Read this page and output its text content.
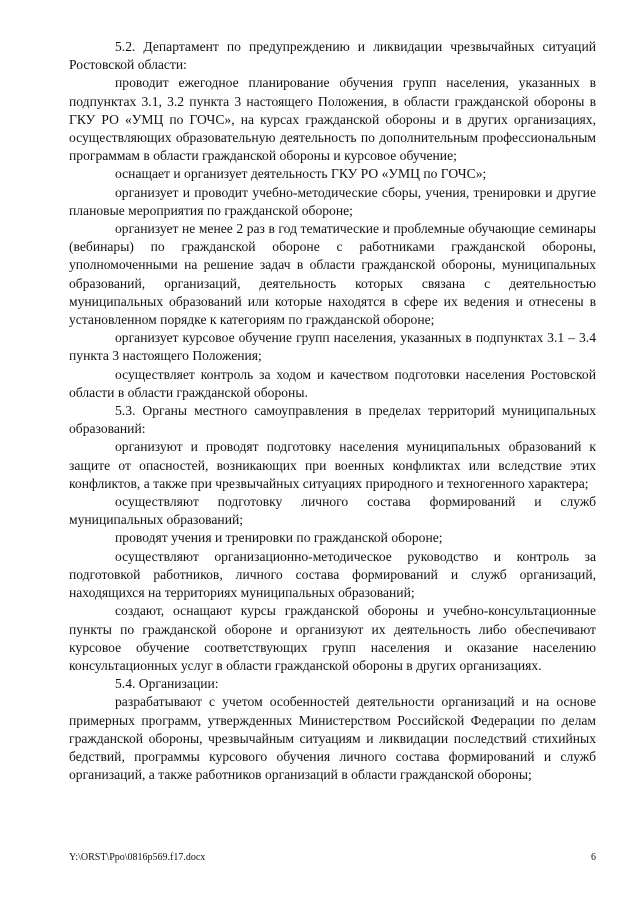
5.2. Департамент по предупреждению и ликвидации чрезвычайных ситуаций Ростовской области:

проводит ежегодное планирование обучения групп населения, указанных в подпунктах 3.1, 3.2 пункта 3 настоящего Положения, в области гражданской обороны в ГКУ РО «УМЦ по ГОЧС», на курсах гражданской обороны и в других организациях, осуществляющих образовательную деятельность по дополнительным профессиональным программам в области гражданской обороны и курсовое обучение;

оснащает и организует деятельность ГКУ РО «УМЦ по ГОЧС»;

организует и проводит учебно-методические сборы, учения, тренировки и другие плановые мероприятия по гражданской обороне;

организует не менее 2 раз в год тематические и проблемные обучающие семинары (вебинары) по гражданской обороне с работниками гражданской обороны, уполномоченными на решение задач в области гражданской обороны, муниципальных образований, организаций, деятельность которых связана с деятельностью муниципальных образований или которые находятся в сфере их ведения и отнесены в установленном порядке к категориям по гражданской обороне;

организует курсовое обучение групп населения, указанных в подпунктах 3.1 – 3.4 пункта 3 настоящего Положения;

осуществляет контроль за ходом и качеством подготовки населения Ростовской области в области гражданской обороны.

5.3. Органы местного самоуправления в пределах территорий муниципальных образований:

организуют и проводят подготовку населения муниципальных образований к защите от опасностей, возникающих при военных конфликтах или вследствие этих конфликтов, а также при чрезвычайных ситуациях природного и техногенного характера;

осуществляют подготовку личного состава формирований и служб муниципальных образований;

проводят учения и тренировки по гражданской обороне;

осуществляют организационно-методическое руководство и контроль за подготовкой работников, личного состава формирований и служб организаций, находящихся на территориях муниципальных образований;

создают, оснащают курсы гражданской обороны и учебно-консультационные пункты по гражданской обороне и организуют их деятельность либо обеспечивают курсовое обучение соответствующих групп населения и оказание населению консультационных услуг в области гражданской обороны в других организациях.

5.4. Организации:

разрабатывают с учетом особенностей деятельности организаций и на основе примерных программ, утвержденных Министерством Российской Федерации по делам гражданской обороны, чрезвычайным ситуациям и ликвидации последствий стихийных бедствий, программы курсового обучения личного состава формирований и служб организаций, а также работников организаций в области гражданской обороны;

Y:\ORST\Ppo\0816p569.f17.docx	6
